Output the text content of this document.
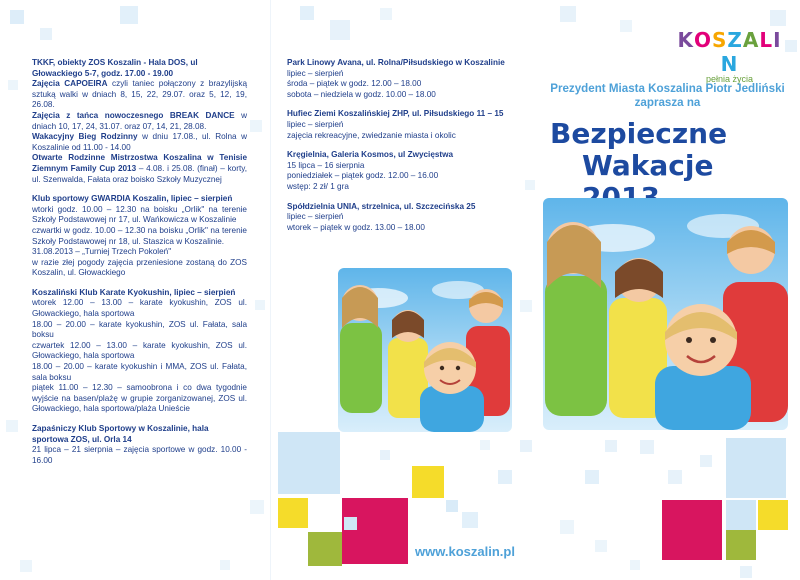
TKKF, obiekty ZOS Koszalin - Hala DOS, ul Głowackiego 5-7, godz. 17.00 - 19.00

Zajęcia CAPOEIRA czyli taniec połączony z brazylijską sztuką walki w dniach 8, 15, 22, 29.07. oraz 5, 12, 19, 26.08.

Zajęcia z tańca nowoczesnego BREAK DANCE w dniach 10, 17, 24, 31.07. oraz 07, 14, 21, 28.08.

Wakacyjny Bieg Rodzinny w dniu 17.08., ul. Rolna w Koszalinie od 11.00 - 14.00

Otwarte Rodzinne Mistrzostwa Koszalina w Tenisie Ziemnym Family Cup 2013 – 4.08. i 25.08. (finał) – korty, ul. Szenwalda, Fałata oraz boisko Szkoły Muzycznej

Klub sportowy GWARDIA Koszalin, lipiec – sierpień

wtorki godz. 10.00 – 12.30 na boisku „Orlik" na terenie Szkoły Podstawowej nr 17, ul. Wańkowicza w Koszalinie

czwartki w godz. 10.00 – 12.30 na boisku „Orlik" na terenie Szkoły Podstawowej nr 18, ul. Staszica w Koszalinie.

31.08.2013 – „Turniej Trzech Pokoleń"

w razie złej pogody zajęcia przeniesione zostaną do ZOS Koszalin, ul. Głowackiego

Koszaliński Klub Karate Kyokushin, lipiec – sierpień

wtorek 12.00 – 13.00 – karate kyokushin, ZOS ul. Głowackiego, hala sportowa

18.00 – 20.00 – karate kyokushin, ZOS ul. Fałata, sala boksu

czwartek 12.00 – 13.00 – karate kyokushin, ZOS ul. Głowackiego, hala sportowa

18.00 – 20.00 – karate kyokushin i MMA, ZOS ul. Fałata, sala boksu

piątek 11.00 – 12.30 – samoobrona i co dwa tygodnie wyjście na basen/plażę w grupie zorganizowanej, ZOS ul. Głowackiego, hala sportowa/plaża Unieście

Zapaśniczy Klub Sportowy w Koszalinie, hala sportowa ZOS, ul. Orla 14

21 lipca – 21 sierpnia – zajęcia sportowe w godz. 10.00 - 16.00

Park Linowy Avana, ul. Rolna/Piłsudskiego w Koszalinie

lipiec – sierpień

środa – piątek w godz. 12.00 – 18.00

sobota – niedziela w godz. 10.00 – 18.00

Hufiec Ziemi Koszalińskiej ZHP, ul. Piłsudskiego 11 – 15

lipiec – sierpień

zajęcia rekreacyjne, zwiedzanie miasta i okolic

Kręgielnia, Galeria Kosmos, ul Zwycięstwa

15 lipca – 16 sierpnia

poniedziałek – piątek godz. 12.00 – 16.00

wstęp: 2 zł/ 1 gra

Spółdzielnia UNIA, strzelnica, ul. Szczecińska 25

lipiec – sierpień

wtorek – piątek w godz. 13.00 – 18.00

KOSZALIN
pełnia życia
Prezydent Miasta Koszalina Piotr Jedliński zaprasza na
Bezpieczne
Wakacje
www.koszalin.pl
